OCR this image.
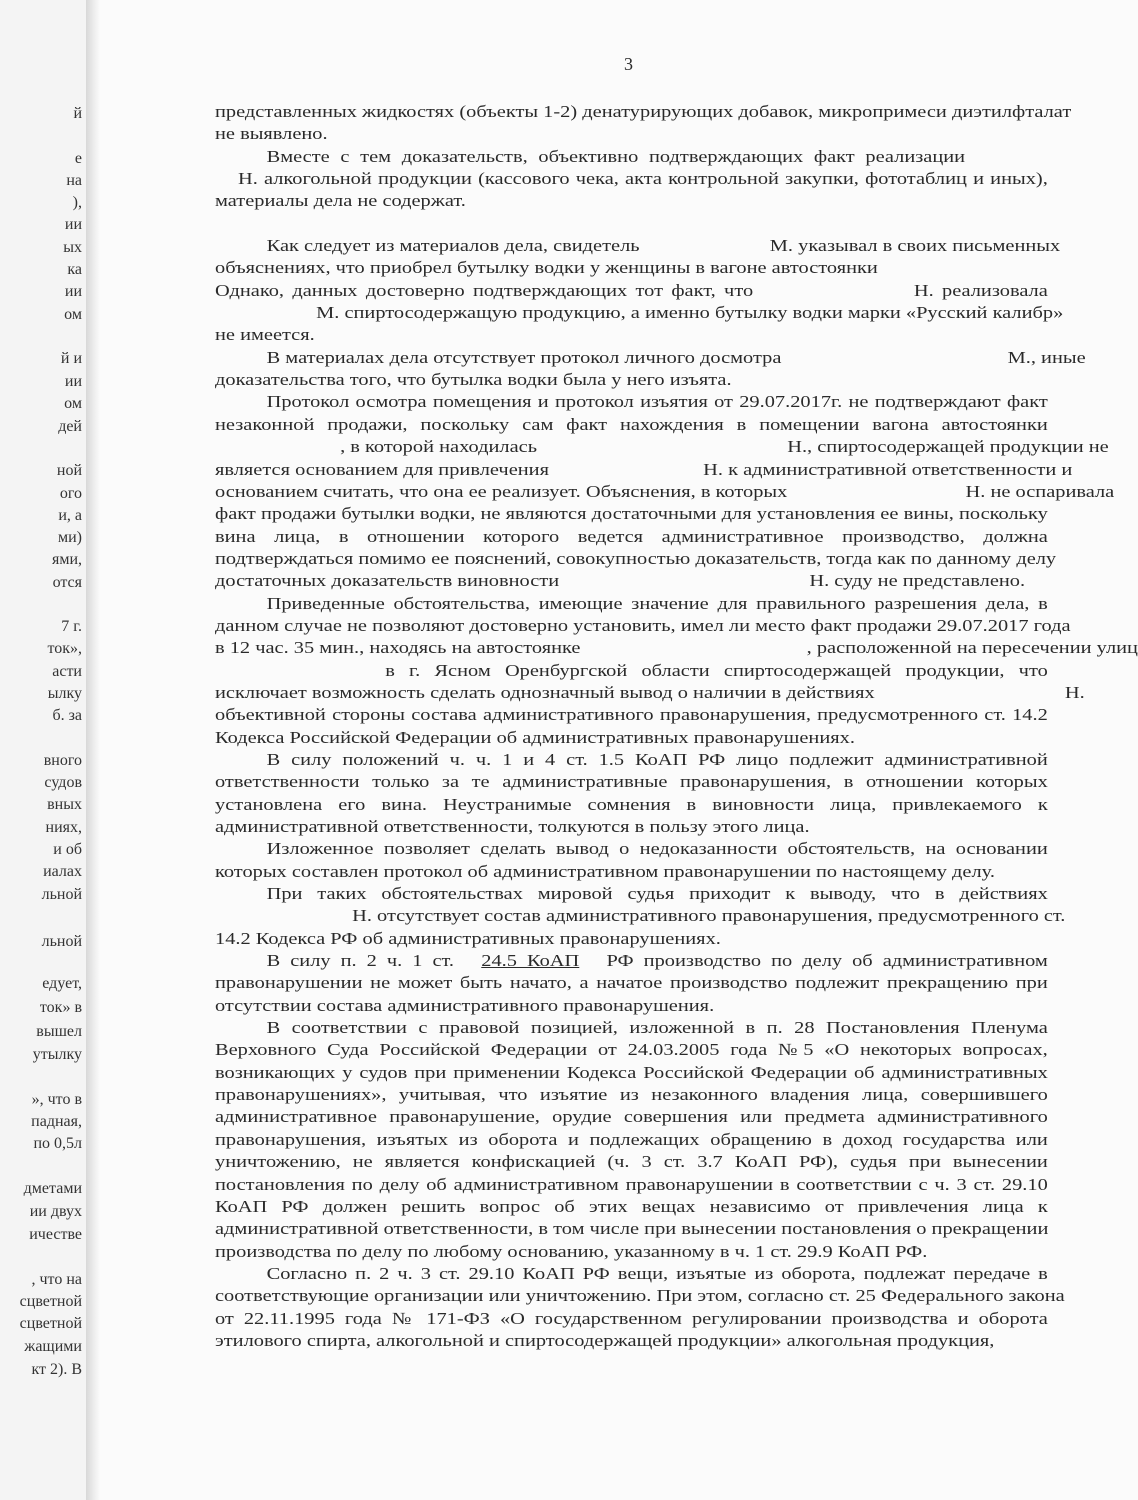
й
е
на
),
ии
ых
ка
ии
ом
й и
ии
ом
дей
ной
ого
и, а
ми)
ями,
отся
7 г.
ток»,
асти
ылку
б. за
вного
судов
вных
ниях,
и об
иалах
льной
льной
едует,
ток» в
вышел
утылку
», что в
падная,
по 0,5л
дметами
ии двух
ичестве
, что на
сцветной
сцветной
жащими
кт 2). В
3
представленных жидкостях (объекты 1-2) денатурирующих добавок, микропримеси диэтилфталат
не выявлено.
Вместе с тем доказательств, объективно подтверждающих факт реализации
Н. алкогольной продукции (кассового чека, акта контрольной закупки, фототаблиц и иных),
материалы дела не содержат.
Как следует из материалов дела, свидетель	М. указывал в своих письменных
объяснениях, что приобрел бутылку водки у женщины в вагоне автостоянки
Однако, данных достоверно подтверждающих тот факт, что	Н. реализовала
М. спиртосодержащую продукцию, а именно бутылку водки марки «Русский калибр»
не имеется.
В материалах дела отсутствует протокол личного досмотра	М., иные
доказательства того, что бутылка водки была у него изъята.
Протокол осмотра помещения и протокол изъятия от 29.07.2017г. не подтверждают факт
незаконной продажи, поскольку сам факт нахождения в помещении вагона автостоянки
, в которой находилась	Н., спиртосодержащей продукции не
является основанием для привлечения	Н. к административной ответственности и
основанием считать, что она ее реализует. Объяснения, в которых	Н. не оспаривала
факт продажи бутылки водки, не являются достаточными для установления ее вины, поскольку
вина лица, в отношении которого ведется административное производство, должна
подтверждаться помимо ее пояснений, совокупностью доказательств, тогда как по данному делу
достаточных доказательств виновности	Н. суду не представлено.
Приведенные обстоятельства, имеющие значение для правильного разрешения дела, в
данном случае не позволяют достоверно установить, имел ли место факт продажи 29.07.2017 года
в 12 час. 35 мин., находясь на автостоянке	, расположенной на пересечении улиц
в г. Ясном Оренбургской области спиртосодержащей продукции, что
исключает возможность сделать однозначный вывод о наличии в действиях	Н.
объективной стороны состава административного правонарушения, предусмотренного ст. 14.2
Кодекса Российской Федерации об административных правонарушениях.
В силу положений ч. ч. 1 и 4 ст. 1.5 КоАП РФ лицо подлежит административной
ответственности только за те административные правонарушения, в отношении которых
установлена его вина. Неустранимые сомнения в виновности лица, привлекаемого к
административной ответственности, толкуются в пользу этого лица.
Изложенное позволяет сделать вывод о недоказанности обстоятельств, на основании
которых составлен протокол об административном правонарушении по настоящему делу.
При таких обстоятельствах мировой судья приходит к выводу, что в действиях
Н. отсутствует состав административного правонарушения, предусмотренного ст.
14.2 Кодекса РФ об административных правонарушениях.
В силу п. 2 ч. 1 ст. 24.5 КоАП РФ производство по делу об административном
правонарушении не может быть начато, а начатое производство подлежит прекращению при
отсутствии состава административного правонарушения.
В соответствии с правовой позицией, изложенной в п. 28 Постановления Пленума
Верховного Суда Российской Федерации от 24.03.2005 года №5 «О некоторых вопросах,
возникающих у судов при применении Кодекса Российской Федерации об административных
правонарушениях», учитывая, что изъятие из незаконного владения лица, совершившего
административное правонарушение, орудие совершения или предмета административного
правонарушения, изъятых из оборота и подлежащих обращению в доход государства или
уничтожению, не является конфискацией (ч. 3 ст. 3.7 КоАП РФ), судья при вынесении
постановления по делу об административном правонарушении в соответствии с ч. 3 ст. 29.10
КоАП РФ должен решить вопрос об этих вещах независимо от привлечения лица к
административной ответственности, в том числе при вынесении постановления о прекращении
производства по делу по любому основанию, указанному в ч. 1 ст. 29.9 КоАП РФ.
Согласно п. 2 ч. 3 ст. 29.10 КоАП РФ вещи, изъятые из оборота, подлежат передаче в
соответствующие организации или уничтожению. При этом, согласно ст. 25 Федерального закона
от 22.11.1995 года № 171-ФЗ «О государственном регулировании производства и оборота
этилового спирта, алкогольной и спиртосодержащей продукции» алкогольная продукция,
